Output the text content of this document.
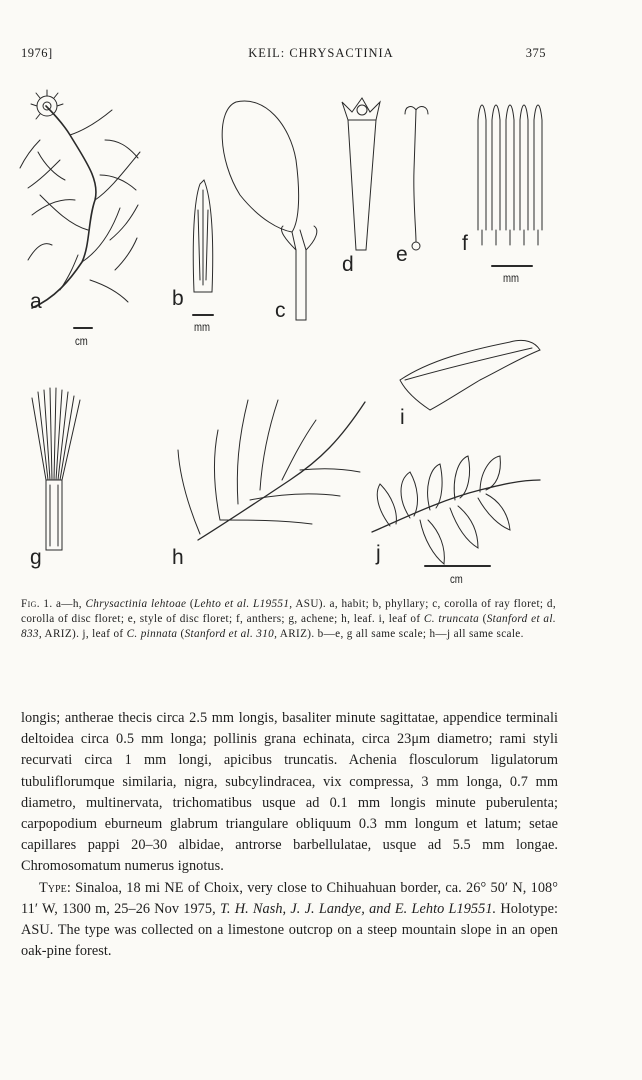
1976]	KEIL: CHRYSACTINIA	375
a	b
c
d e	f
g	h
i
j
cm
mm
mm
cm
Fig. 1. a—h, Chrysactinia lehtoae (Lehto et al. L19551, ASU). a, habit; b, phyllary; c, corolla of ray floret; d, corolla of disc floret; e, style of disc floret; f, anthers; g, achene; h, leaf. i, leaf of C. truncata (Stanford et al. 833, ARIZ). j, leaf of C. pinnata (Stanford et al. 310, ARIZ). b—e, g all same scale; h—j all same scale.

longis; antherae thecis circa 2.5 mm longis, basaliter minute sagittatae, appendice terminali deltoidea circa 0.5 mm longa; pollinis grana echinata, circa 23μm diametro; rami styli recurvati circa 1 mm longi, apicibus truncatis. Achenia flosculorum ligulatorum tubuliflorumque similaria, nigra, subcylindracea, vix compressa, 3 mm longa, 0.7 mm diametro, multinervata, trichomatibus usque ad 0.1 mm longis minute puberulenta; carpopodium eburneum glabrum triangulare obliquum 0.3 mm longum et latum; setae capillares pappi 20–30 albidae, antrorse barbellulatae, usque ad 5.5 mm longae. Chromosomatum numerus ignotus.

Type: Sinaloa, 18 mi NE of Choix, very close to Chihuahuan border, ca. 26° 50′ N, 108° 11′ W, 1300 m, 25–26 Nov 1975, T. H. Nash, J. J. Landye, and E. Lehto L19551. Holotype: ASU. The type was collected on a limestone outcrop on a steep mountain slope in an open oak-pine forest.
